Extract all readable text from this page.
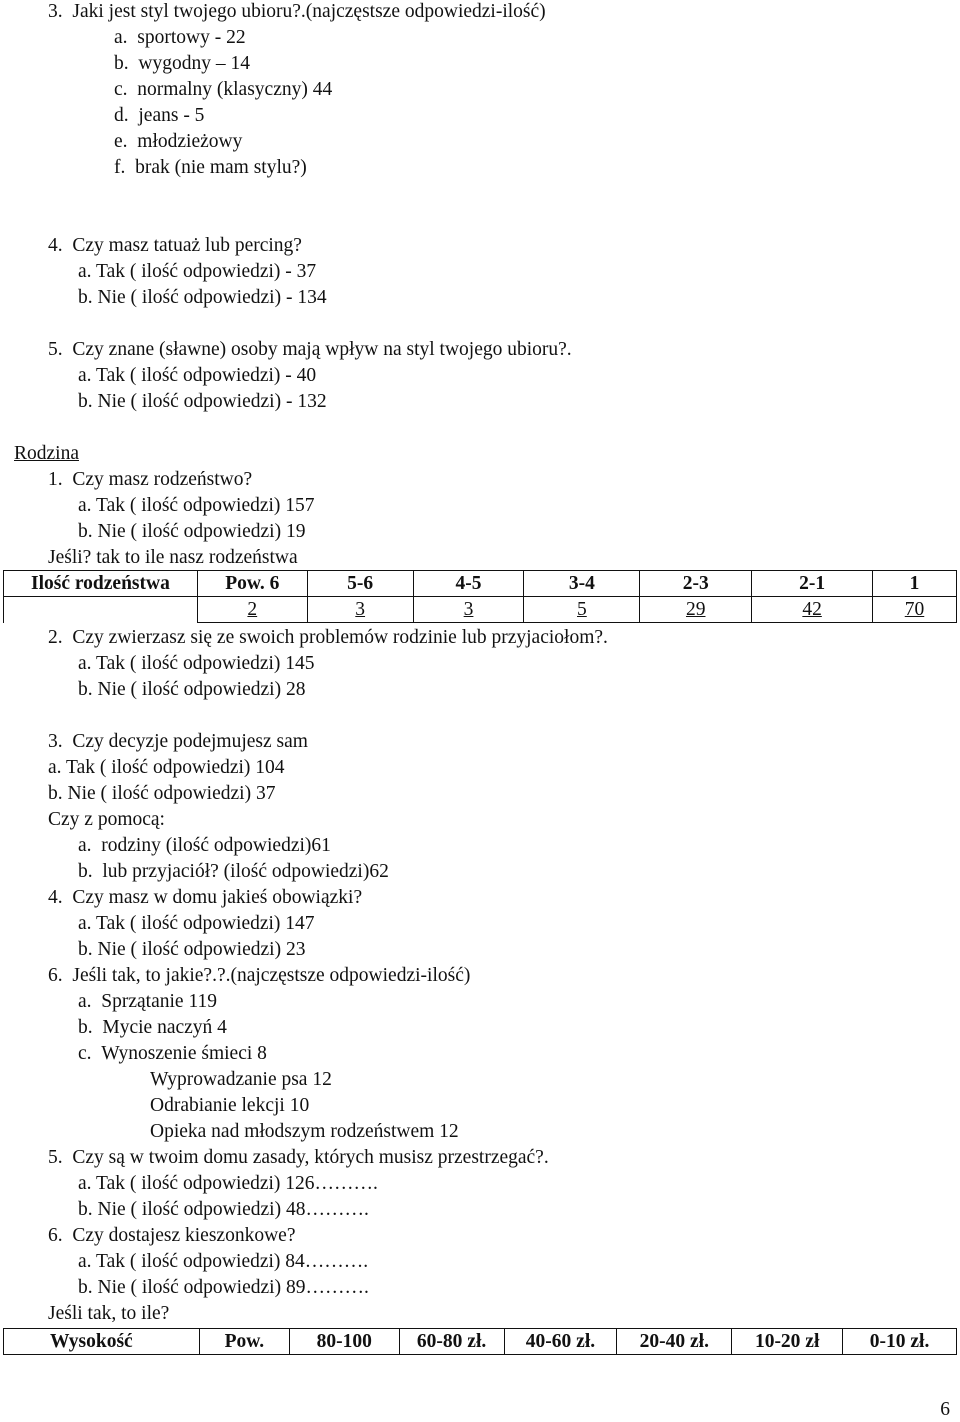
3.  Jaki jest styl twojego ubioru?.(najczęstsze odpowiedzi-ilość)
a.  sportowy - 22
b.  wygodny – 14
c.  normalny (klasyczny) 44
d.  jeans - 5
e.  młodzieżowy
f.  brak (nie mam stylu?)
4.  Czy masz tatuaż lub percing?
a. Tak ( ilość odpowiedzi) - 37
b. Nie ( ilość odpowiedzi) - 134
5.  Czy znane (sławne) osoby mają wpływ na styl twojego ubioru?.
a. Tak ( ilość odpowiedzi) - 40
b. Nie ( ilość odpowiedzi) - 132
Rodzina
1.  Czy masz rodzeństwo?
a. Tak ( ilość odpowiedzi) 157
b. Nie ( ilość odpowiedzi) 19
Jeśli? tak to ile nasz rodzeństwa
Ilość rodzeństwa	Pow. 6	5-6	4-5	3-4	2-3	2-1	1
	2	3	3	5	29	42	70
2.  Czy zwierzasz się ze swoich problemów rodzinie lub przyjaciołom?.
a. Tak ( ilość odpowiedzi) 145
b. Nie ( ilość odpowiedzi) 28
3.  Czy decyzje podejmujesz sam
a. Tak ( ilość odpowiedzi) 104
b. Nie ( ilość odpowiedzi) 37
Czy z pomocą:
a.  rodziny (ilość odpowiedzi)61
b.  lub przyjaciół? (ilość odpowiedzi)62
4.  Czy masz w domu jakieś obowiązki?
a. Tak ( ilość odpowiedzi) 147
b. Nie ( ilość odpowiedzi) 23
6.  Jeśli tak, to jakie?.?.(najczęstsze odpowiedzi-ilość)
a.  Sprzątanie 119
b.  Mycie naczyń 4
c.  Wynoszenie śmieci 8
Wyprowadzanie psa 12
Odrabianie lekcji 10
Opieka nad młodszym rodzeństwem 12
5.  Czy są w twoim domu zasady, których musisz przestrzegać?.
a. Tak ( ilość odpowiedzi) 126……….
b. Nie ( ilość odpowiedzi) 48……….
6.  Czy dostajesz kieszonkowe?
a. Tak ( ilość odpowiedzi) 84……….
b. Nie ( ilość odpowiedzi) 89……….
Jeśli tak, to ile?
Wysokość	Pow.	80-100	60-80 zł.	40-60 zł.	20-40 zł.	10-20 zł	0-10 zł.
6
